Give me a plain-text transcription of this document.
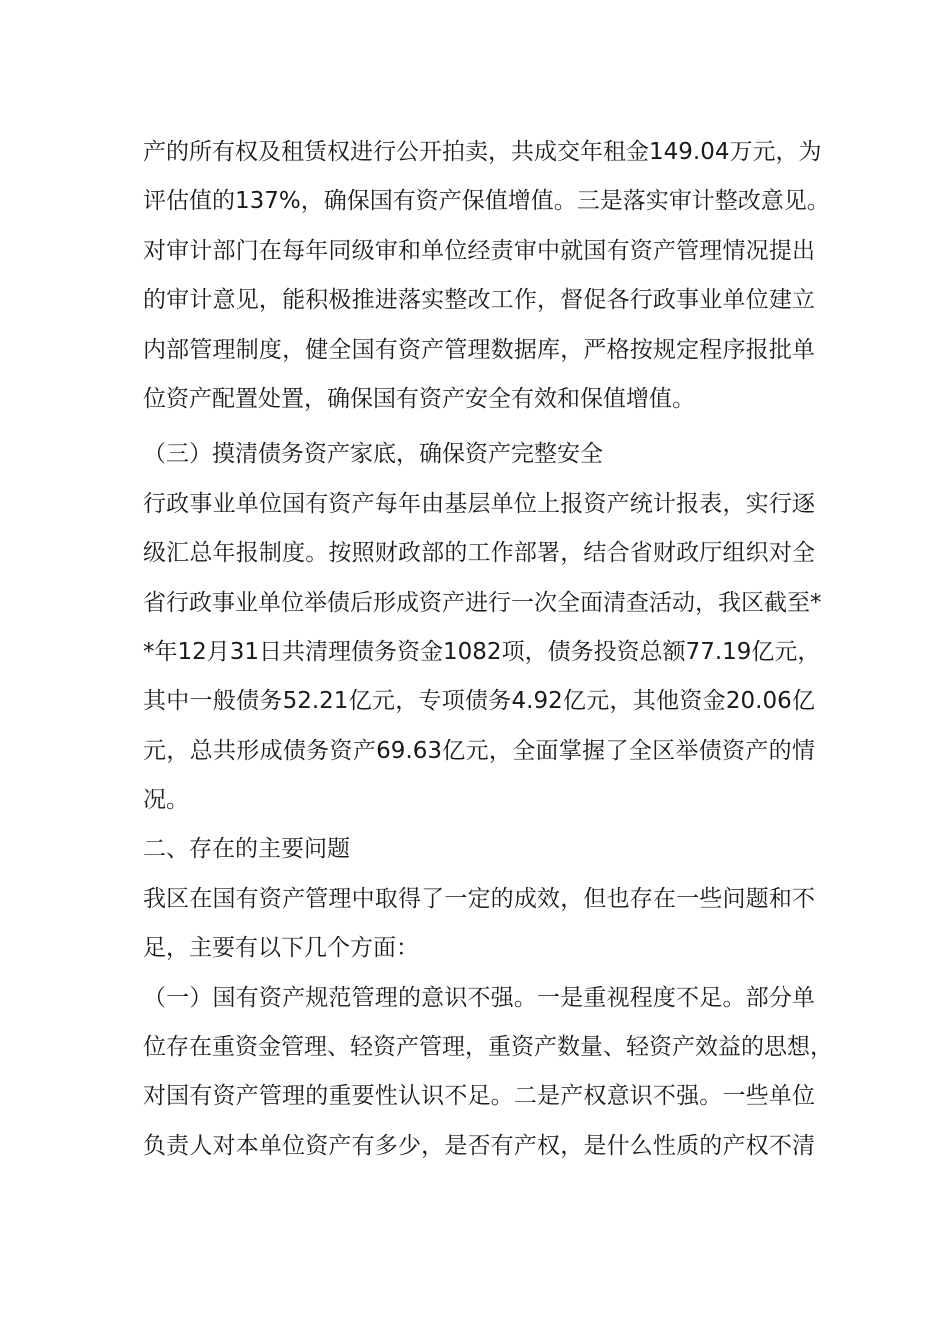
产的所有权及租赁权进行公开拍卖，共成交年租金149.04万元，为
评估值的137%，确保国有资产保值增值。三是落实审计整改意见。
对审计部门在每年同级审和单位经责审中就国有资产管理情况提出
的审计意见，能积极推进落实整改工作，督促各行政事业单位建立
内部管理制度，健全国有资产管理数据库，严格按规定程序报批单
位资产配置处置，确保国有资产安全有效和保值增值。
（三）摸清债务资产家底，确保资产完整安全
行政事业单位国有资产每年由基层单位上报资产统计报表，实行逐
级汇总年报制度。按照财政部的工作部署，结合省财政厅组织对全
省行政事业单位举债后形成资产进行一次全面清查活动，我区截至*
*年12月31日共清理债务资金1082项，债务投资总额77.19亿元，
其中一般债务52.21亿元，专项债务4.92亿元，其他资金20.06亿
元，总共形成债务资产69.63亿元，全面掌握了全区举债资产的情
况。
二、存在的主要问题
我区在国有资产管理中取得了一定的成效，但也存在一些问题和不
足，主要有以下几个方面：
（一）国有资产规范管理的意识不强。一是重视程度不足。部分单
位存在重资金管理、轻资产管理，重资产数量、轻资产效益的思想，
对国有资产管理的重要性认识不足。二是产权意识不强。一些单位
负责人对本单位资产有多少，是否有产权，是什么性质的产权不清
